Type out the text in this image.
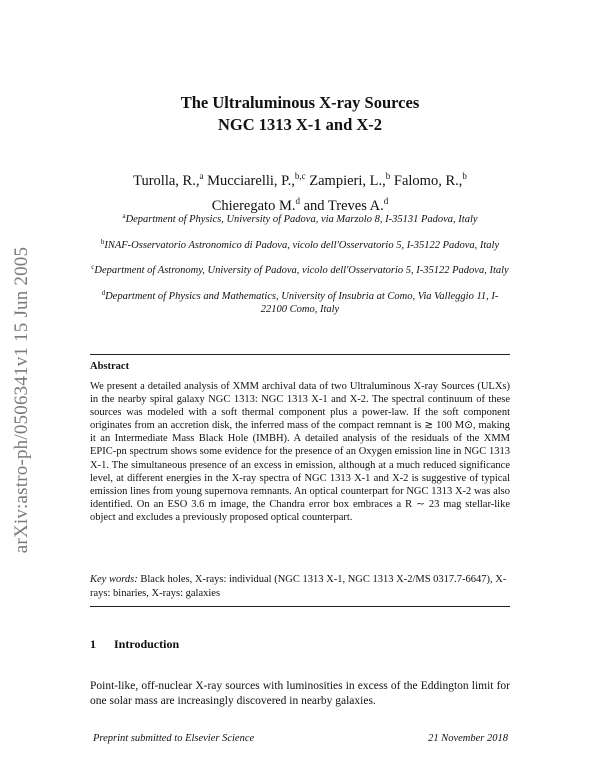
arXiv:astro-ph/0506341v1 15 Jun 2005
The Ultraluminous X-ray Sources
NGC 1313 X-1 and X-2
Turolla, R.,$^a$ Mucciarelli, P.,$^{b,c}$ Zampieri, L.,$^b$ Falomo, R.,$^b$
Chieregato M.$^d$ and Treves A.$^d$
$^a$Department of Physics, University of Padova, via Marzolo 8, I-35131 Padova, Italy
$^b$INAF-Osservatorio Astronomico di Padova, vicolo dell'Osservatorio 5, I-35122 Padova, Italy
$^c$Department of Astronomy, University of Padova, vicolo dell'Osservatorio 5, I-35122 Padova, Italy
$^d$Department of Physics and Mathematics, University of Insubria at Como, Via Valleggio 11, I-22100 Como, Italy
Abstract
We present a detailed analysis of XMM archival data of two Ultraluminous X-ray Sources (ULXs) in the nearby spiral galaxy NGC 1313: NGC 1313 X-1 and X-2. The spectral continuum of these sources was modeled with a soft thermal component plus a power-law. If the soft component originates from an accretion disk, the inferred mass of the compact remnant is ≳ 100 M⊙, making it an Intermediate Mass Black Hole (IMBH). A detailed analysis of the residuals of the XMM EPIC-pn spectrum shows some evidence for the presence of an Oxygen emission line in NGC 1313 X-1. The simultaneous presence of an excess in emission, although at a much reduced significance level, at different energies in the X-ray spectra of NGC 1313 X-1 and X-2 is suggestive of typical emission lines from young supernova remnants. An optical counterpart for NGC 1313 X-2 was also identified. On an ESO 3.6 m image, the Chandra error box embraces a R ∼ 23 mag stellar-like object and excludes a previously proposed optical counterpart.
Key words: Black holes, X-rays: individual (NGC 1313 X-1, NGC 1313 X-2/MS 0317.7-6647), X-rays: binaries, X-rays: galaxies
1 Introduction
Point-like, off-nuclear X-ray sources with luminosities in excess of the Eddington limit for one solar mass are increasingly discovered in nearby galaxies.
Preprint submitted to Elsevier Science	21 November 2018
